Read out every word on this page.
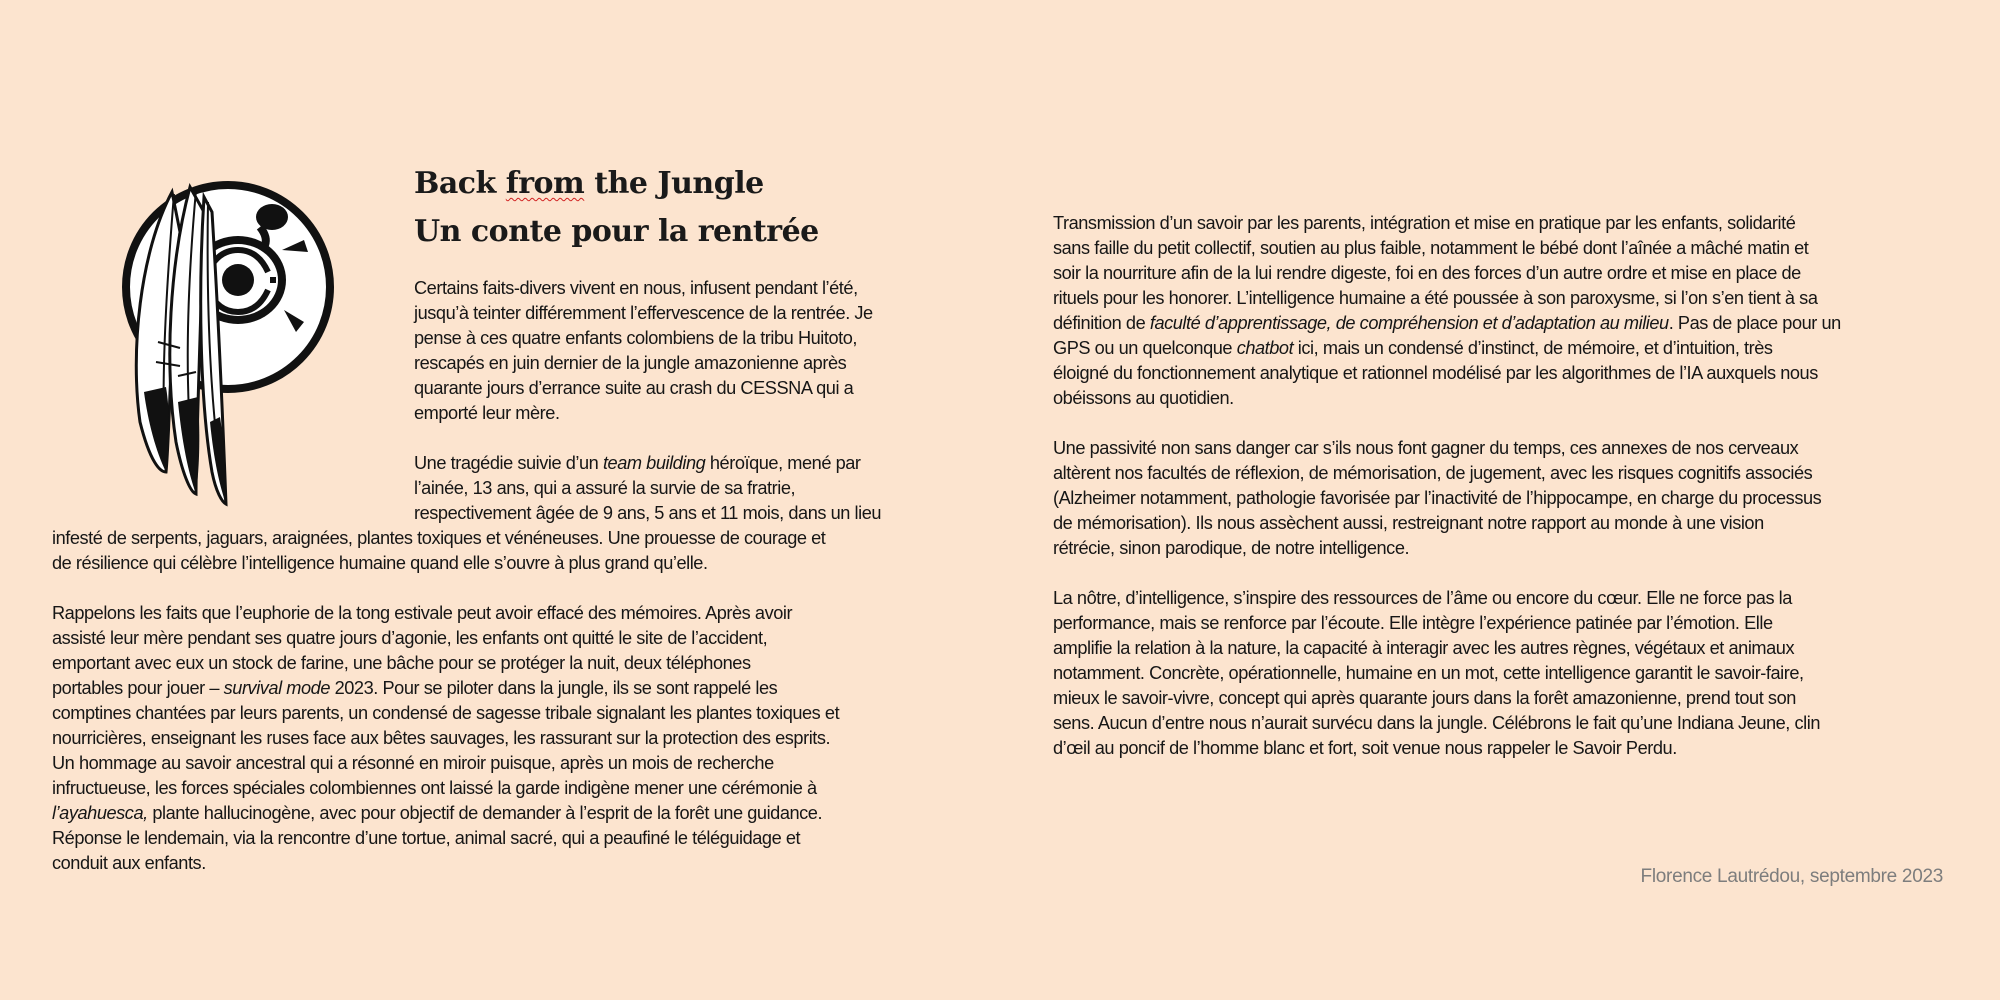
Back from the Jungle
Un conte pour la rentrée
Certains faits-divers vivent en nous, infusent pendant l’été,
jusqu’à teinter différemment l’effervescence de la rentrée. Je
pense à ces quatre enfants colombiens de la tribu Huitoto,
rescapés en juin dernier de la jungle amazonienne après
quarante jours d’errance suite au crash du CESSNA qui a
emporté leur mère.
Une tragédie suivie d’un team building héroïque, mené par
l’ainée, 13 ans, qui a assuré la survie de sa fratrie,
respectivement âgée de 9 ans, 5 ans et 11 mois, dans un lieu
infesté de serpents, jaguars, araignées, plantes toxiques et vénéneuses. Une prouesse de courage et
de résilience qui célèbre l’intelligence humaine quand elle s’ouvre à plus grand qu’elle.
Rappelons les faits que l’euphorie de la tong estivale peut avoir effacé des mémoires. Après avoir
assisté leur mère pendant ses quatre jours d’agonie, les enfants ont quitté le site de l’accident,
emportant avec eux un stock de farine, une bâche pour se protéger la nuit, deux téléphones
portables pour jouer – survival mode 2023. Pour se piloter dans la jungle, ils se sont rappelé les
comptines chantées par leurs parents, un condensé de sagesse tribale signalant les plantes toxiques et
nourricières, enseignant les ruses face aux bêtes sauvages, les rassurant sur la protection des esprits.
Un hommage au savoir ancestral qui a résonné en miroir puisque, après un mois de recherche
infructueuse, les forces spéciales colombiennes ont laissé la garde indigène mener une cérémonie à
l’ayahuesca, plante hallucinogène, avec pour objectif de demander à l’esprit de la forêt une guidance.
Réponse le lendemain, via la rencontre d’une tortue, animal sacré, qui a peaufiné le téléguidage et
conduit aux enfants.
Transmission d’un savoir par les parents, intégration et mise en pratique par les enfants, solidarité
sans faille du petit collectif, soutien au plus faible, notamment le bébé dont l’aînée a mâché matin et
soir la nourriture afin de la lui rendre digeste, foi en des forces d’un autre ordre et mise en place de
rituels pour les honorer. L’intelligence humaine a été poussée à son paroxysme, si l’on s’en tient à sa
définition de faculté d’apprentissage, de compréhension et d’adaptation au milieu. Pas de place pour un
GPS ou un quelconque chatbot ici, mais un condensé d’instinct, de mémoire, et d’intuition, très
éloigné du fonctionnement analytique et rationnel modélisé par les algorithmes de l’IA auxquels nous
obéissons au quotidien.
Une passivité non sans danger car s’ils nous font gagner du temps, ces annexes de nos cerveaux
altèrent nos facultés de réflexion, de mémorisation, de jugement, avec les risques cognitifs associés
(Alzheimer notamment, pathologie favorisée par l’inactivité de l’hippocampe, en charge du processus
de mémorisation). Ils nous assèchent aussi, restreignant notre rapport au monde à une vision
rétrécie, sinon parodique, de notre intelligence.
La nôtre, d’intelligence, s’inspire des ressources de l’âme ou encore du cœur. Elle ne force pas la
performance, mais se renforce par l’écoute. Elle intègre l’expérience patinée par l’émotion. Elle
amplifie la relation à la nature, la capacité à interagir avec les autres règnes, végétaux et animaux
notamment. Concrète, opérationnelle, humaine en un mot, cette intelligence garantit le savoir-faire,
mieux le savoir-vivre, concept qui après quarante jours dans la forêt amazonienne, prend tout son
sens. Aucun d’entre nous n’aurait survécu dans la jungle. Célébrons le fait qu’une Indiana Jeune, clin
d’œil au poncif de l’homme blanc et fort, soit venue nous rappeler le Savoir Perdu.
Florence Lautrédou, septembre 2023
